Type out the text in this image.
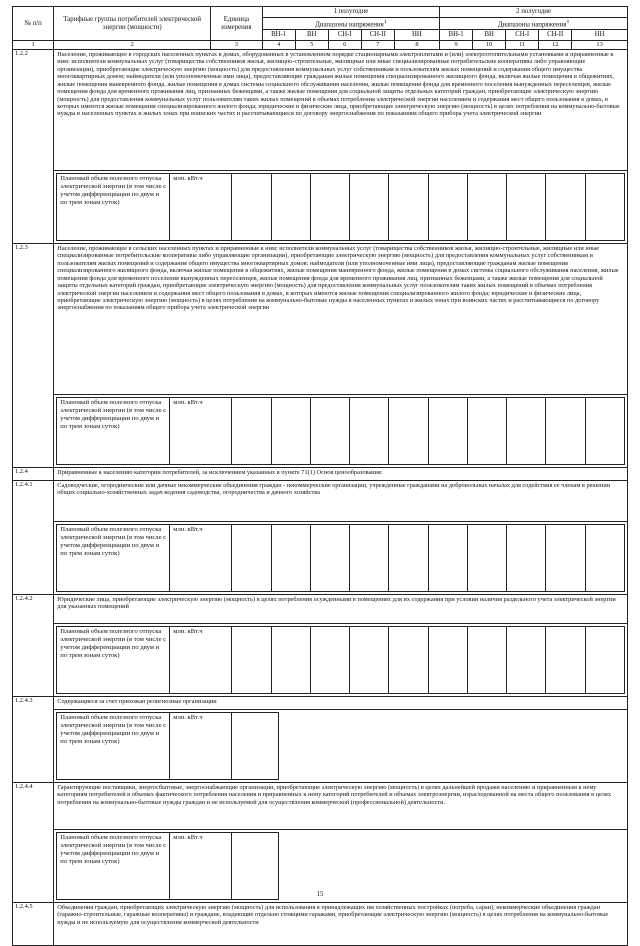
№ п/п	Тарифные группы потребителей электрической энергии (мощности)	Единица измерения	1 полугодие	2 полугодие
Диапазоны напряжения$^1$	Диапазоны напряжения$^1$
ВН-1	ВН	СН-I	СН-II	НН	ВН-1	ВН	СН-I	СН-II	НН
1	2	3	4	5	6	7	8	9	10	11	12	13
1.2.2	Население, проживающее в городских населенных пунктах в домах, оборудованных в установленном порядке стационарными электроплитами и (или) электроотопительными установками и приравненные к ним: исполнители коммунальных услуг (товарищества собственников жилья, жилищно-строительные, жилищные или иные специализированные потребительские кооперативы либо управляющие организации), приобретающие электрическую энергию (мощность) для предоставления коммунальных услуг собственникам и пользователям жилых помещений и содержания общего имущества многоквартирных домов; наймодатели (или уполномоченные ими лица), предоставляющие гражданам жилые помещения специализированного жилищного фонда, включая жилые помещения в общежитиях, жилые помещения маневренного фонда, жилые помещения в домах системы социального обслуживания населения, жилые помещения фонда для временного поселения вынужденных переселенцев, жилые помещения фонда для временного проживания лиц, признанных беженцами, а также жилые помещения для социальной защиты отдельных категорий граждан, приобретающие электрическую энергию (мощность) для предоставления коммунальных услуг пользователям таких жилых помещений в объемах потребления электрической энергии населением и содержания мест общего пользования в домах, в которых имеются жилые помещения специализированного жилого фонда; юридические и физические лица, приобретающие электрическую энергию (мощность) в целях потребления на коммунально-бытовые нужды в населенных пунктах и жилых зонах при воинских частях и рассчитывающиеся по договору энергоснабжения по показаниям общего прибора учета электрической энергии

Плановый объем полезного отпуска электрической энергии (в том числе с учетом дифференциации по двум и по трем зонам суток)	млн. кВт.ч										

1.2.3	Население, проживающее в сельских населенных пунктах и приравненные к ним: исполнители коммунальных услуг (товарищества собственников жилья, жилищно-строительные, жилищные или иные специализированные потребительские кооперативы либо управляющие организации), приобретающие электрическую энергию (мощность) для предоставления коммунальных услуг собственникам и пользователям жилых помещений и содержания общего имущества многоквартирных домов; наймодатели (или уполномоченные ими лица), предоставляющие гражданам жилые помещения специализированного жилищного фонда, включая жилые помещения в общежитиях, жилые помещения маневренного фонда, жилые помещения в домах системы социального обслуживания населения, жилые помещения фонда для временного поселения вынужденных переселенцев, жилые помещения фонда для временного проживания лиц, признанных беженцами, а также жилые помещения для социальной защиты отдельных категорий граждан, приобретающие электрическую энергию (мощность) для предоставления коммунальных услуг пользователям таких жилых помещений в объемах потребления электрической энергии населением и содержания мест общего пользования в домах, в которых имеются жилые помещения специализированного жилого фонда; юридические и физические лица, приобретающие электрическую энергию (мощность) в целях потребления на коммунально-бытовые нужды в населенных пунктах и жилых зонах при воинских частях и рассчитывающиеся по договору энергоснабжения по показаниям общего прибора учета электрической энергии

Плановый объем полезного отпуска электрической энергии (в том числе с учетом дифференциации по двум и по трем зонам суток)	млн. кВт.ч										

1.2.4	Приравненные к населению категории потребителей, за исключением указанных в пункте 71(1) Основ ценообразования:
1.2.4.1	Садоводческие, огороднические или дачные некоммерческие объединения граждан - некоммерческие организации, учрежденные гражданами на добровольных началах для содействия ее членам в решении общих социально-хозяйственных задач ведения садоводства, огородничества и дачного хозяйства

Плановый объем полезного отпуска электрической энергии (в том числе с учетом дифференциации по двум и по трем зонам суток)	млн. кВт.ч										

1.2.4.2	Юридические лица, приобретающие электрическую энергию (мощность) в целях потребления осужденными в помещениях для их содержания при условии наличия раздельного учета электрической энергии для указанных помещений

Плановый объем полезного отпуска электрической энергии (в том числе с учетом дифференциации по двум и по трем зонам суток)	млн. кВт.ч										

1.2.4.3	Содержащиеся за счет прихожан религиозные организации

Плановый объем полезного отпуска электрической энергии (в том числе с учетом дифференциации по двум и по трем зонам суток)	млн. кВт.ч		

1.2.4.4	Гарантирующие поставщики, энергосбытовые, энергоснабжающие организации, приобретающие электрическую энергию (мощность) в целях дальнейшей продажи населению и приравненным к нему категориям потребителей в объемах фактического потребления населения и приравненных к нему категорий потребителей и объемах электроэнергии, израсходованной на места общего пользования в целях потребления на коммунально-бытовые нужды граждан и не используемой для осуществления коммерческой (профессиональной) деятельности.

Плановый объем полезного отпуска электрической энергии (в том числе с учетом дифференциации по двум и по трем зонам суток)	млн. кВт.ч		

1.2.4.5	Объединения граждан, приобретающих электрическую энергию (мощность) для использования в принадлежащих им хозяйственных постройках (погреба, сараи), некоммерческие объединения граждан (гаражно-строительные, гаражные кооперативы) и граждане, владеющие отдельно стоящими гаражами, приобретающие электрическую энергию (мощность) в целях потребления на коммунально-бытовые нужды и не используемую для осуществления коммерческой деятельности
15
